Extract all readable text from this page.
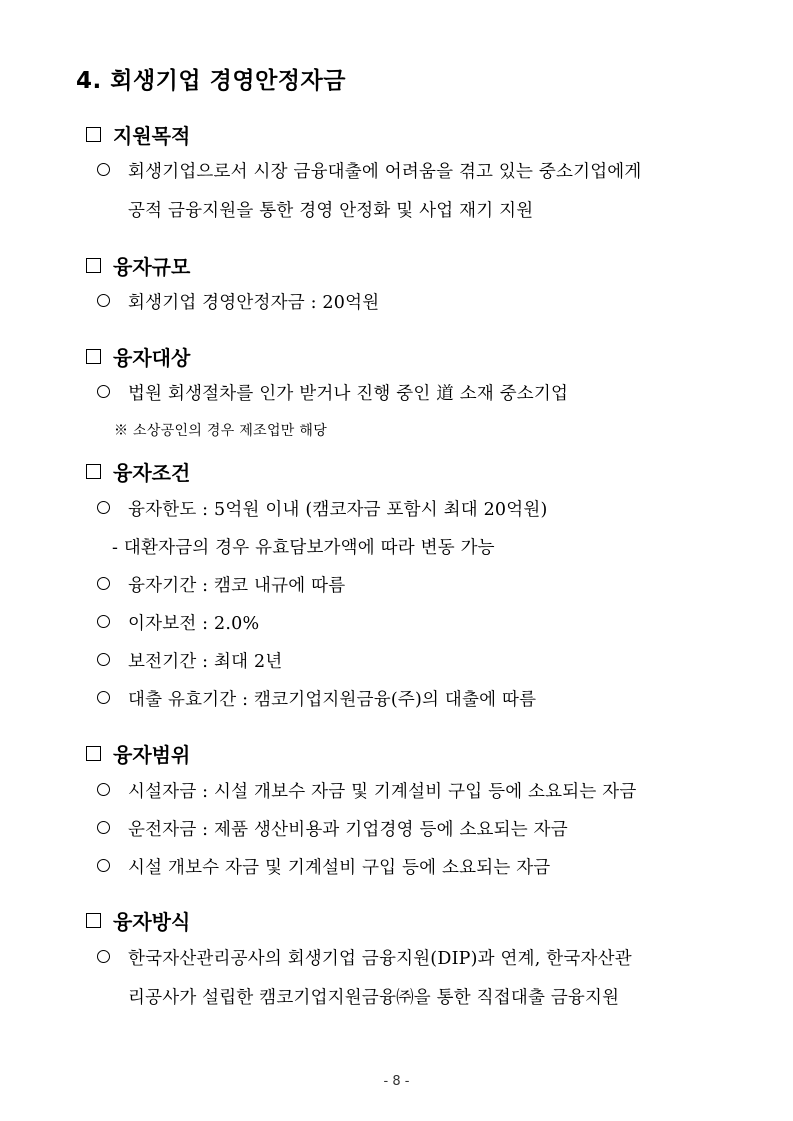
4. 회생기업 경영안정자금
지원목적
회생기업으로서 시장 금융대출에 어려움을 겪고 있는 중소기업에게
공적 금융지원을 통한 경영 안정화 및 사업 재기 지원
융자규모
회생기업 경영안정자금 : 20억원
융자대상
법원 회생절차를 인가 받거나 진행 중인 道 소재 중소기업
※ 소상공인의 경우 제조업만 해당
융자조건
융자한도 : 5억원 이내 (캠코자금 포함시 최대 20억원)
- 대환자금의 경우 유효담보가액에 따라 변동 가능
융자기간 : 캠코 내규에 따름
이자보전 : 2.0%
보전기간 : 최대 2년
대출 유효기간 : 캠코기업지원금융(주)의 대출에 따름
융자범위
시설자금 : 시설 개보수 자금 및 기계설비 구입 등에 소요되는 자금
운전자금 : 제품 생산비용과 기업경영 등에 소요되는 자금
시설 개보수 자금 및 기계설비 구입 등에 소요되는 자금
융자방식
한국자산관리공사의 회생기업 금융지원(DIP)과 연계, 한국자산관
리공사가 설립한 캠코기업지원금융㈜을 통한 직접대출 금융지원
- 8 -
